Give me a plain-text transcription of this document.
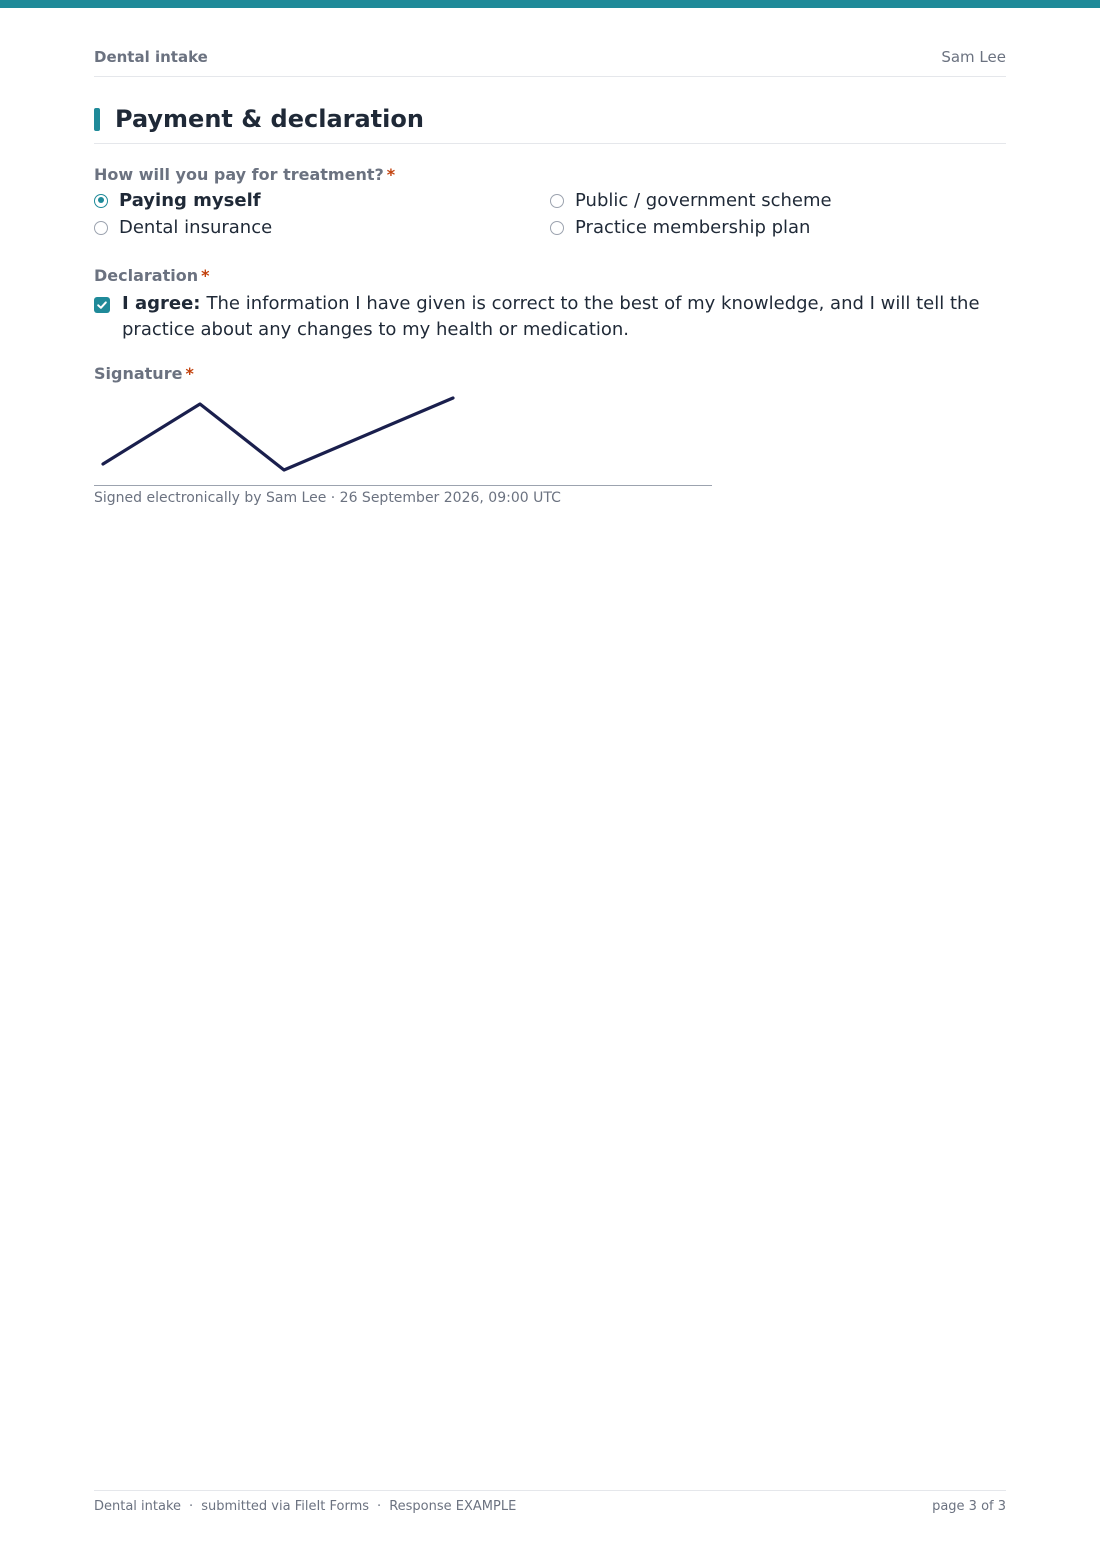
Dental intake	Sam Lee
Payment & declaration
How will you pay for treatment? *
Paying myself
Dental insurance
Public / government scheme
Practice membership plan
Declaration *
I agree: The information I have given is correct to the best of my knowledge, and I will tell the practice about any changes to my health or medication.
Signature *
Signed electronically by Sam Lee · 26 September 2026, 09:00 UTC
Dental intake · submitted via FileIt Forms · Response EXAMPLE	page 3 of 3
